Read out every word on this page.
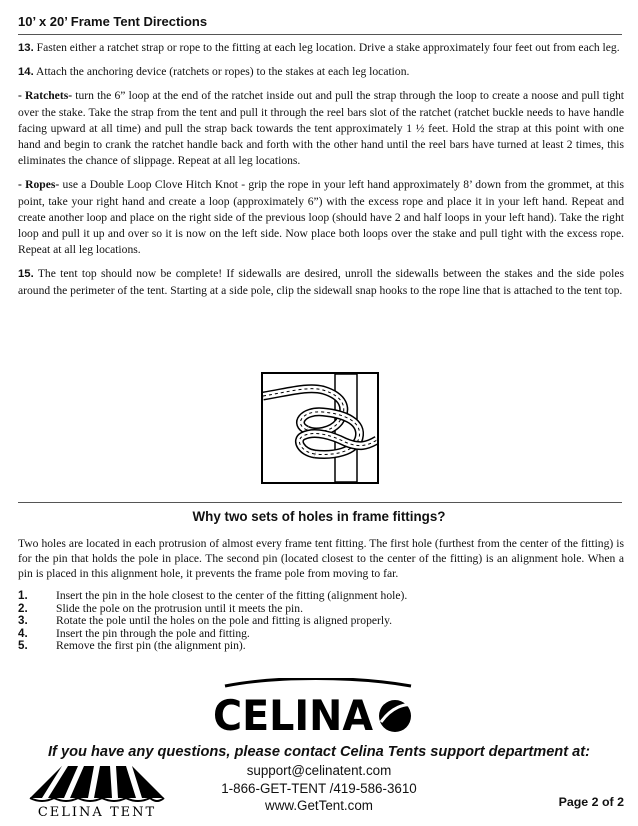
10’ x 20’ Frame Tent Directions

13. Fasten either a ratchet strap or rope to the fitting at each leg location. Drive a stake approximately four feet out from each leg.

14. Attach the anchoring device (ratchets or ropes) to the stakes at each leg location.

- Ratchets- turn the 6” loop at the end of the ratchet inside out and pull the strap through the loop to create a noose and pull tight over the stake. Take the strap from the tent and pull it through the reel bars slot of the ratchet (ratchet buckle needs to have handle facing upward at all time) and pull the strap back towards the tent approximately 1 ½ feet. Hold the strap at this point with one hand and begin to crank the ratchet handle back and forth with the other hand until the reel bars have turned at least 2 times, this eliminates the chance of slippage. Repeat at all leg locations.

- Ropes- use a Double Loop Clove Hitch Knot - grip the rope in your left hand approximately 8’ down from the grommet, at this point, take your right hand and create a loop (approximately 6”) with the excess rope and place it in your left hand. Repeat and create another loop and place on the right side of the previous loop (should have 2 and half loops in your left hand). Take the right loop and pull it up and over so it is now on the left side. Now place both loops over the stake and pull tight with the excess rope. Repeat at all leg locations.

15. The tent top should now be complete! If sidewalls are desired, unroll the sidewalls between the stakes and the side poles around the perimeter of the tent. Starting at a side pole, clip the sidewall snap hooks to the rope line that is attached to the tent top.

Why two sets of holes in frame fittings?
Two holes are located in each protrusion of almost every frame tent fitting. The first hole (furthest from the center of the fitting) is for the pin that holds the pole in place. The second pin (located closest to the center of the fitting) is an alignment hole. When a pin is placed in this alignment hole, it prevents the frame pole from moving to far.
1.	Insert the pin in the hole closest to the center of the fitting (alignment hole).
2.	Slide the pole on the protrusion until it meets the pin.
3.	Rotate the pole until the holes on the pole and fitting is aligned properly.
4.	Insert the pin through the pole and fitting.
5.	Remove the first pin (the alignment pin).
CELINA
If you have any questions, please contact Celina Tents support department at:
CELINA TENT
support@celinatent.com
1-866-GET-TENT /419-586-3610
www.GetTent.com	Page 2 of 2
